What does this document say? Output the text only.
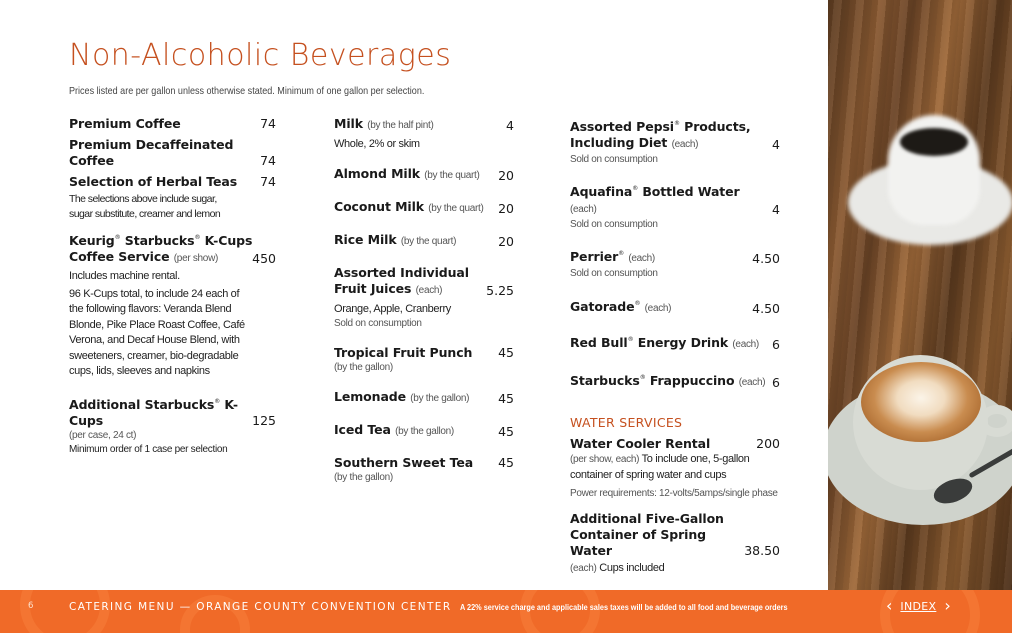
Non-Alcoholic Beverages

Prices listed are per gallon unless otherwise stated. Minimum of one gallon per selection.

Premium Coffee	74
Premium Decaffeinated Coffee	74
Selection of Herbal Teas	74
The selections above include sugar, sugar substitute, creamer and lemon
Keurig® Starbucks® K-Cups
Coffee Service (per show)	450
Includes machine rental.
96 K-Cups total, to include 24 each of the following flavors: Veranda Blend Blonde, Pike Place Roast Coffee, Café Verona, and Decaf House Blend, with sweeteners, creamer, bio-degradable cups, lids, sleeves and napkins
Additional Starbucks® K-Cups	125
(per case, 24 ct)
Minimum order of 1 case per selection
Milk (by the half pint)	4
Whole, 2% or skim
Almond Milk (by the quart)	20
Coconut Milk (by the quart)	20
Rice Milk (by the quart)	20
Assorted Individual
Fruit Juices (each)	5.25
Orange, Apple, Cranberry
Sold on consumption
Tropical Fruit Punch	45
(by the gallon)
Lemonade (by the gallon)	45
Iced Tea (by the gallon)	45
Southern Sweet Tea	45
(by the gallon)
Assorted Pepsi® Products,
Including Diet (each)	4
Sold on consumption
Aquafina® Bottled Water (each)	4
Sold on consumption
Perrier® (each)	4.50
Sold on consumption
Gatorade® (each)	4.50
Red Bull® Energy Drink (each)	6
Starbucks® Frappuccino (each) 6
WATER SERVICES
Water Cooler Rental	200
(per show, each) To include one, 5-gallon container of spring water and cups
Power requirements: 12-volts/5amps/single phase
Additional Five-Gallon
Container of Spring Water	38.50
(each) Cups included
6	CATERING MENU — ORANGE COUNTY CONVENTION CENTER A 22% service charge and applicable sales taxes will be added to all food and beverage orders	‹ INDEX ›
